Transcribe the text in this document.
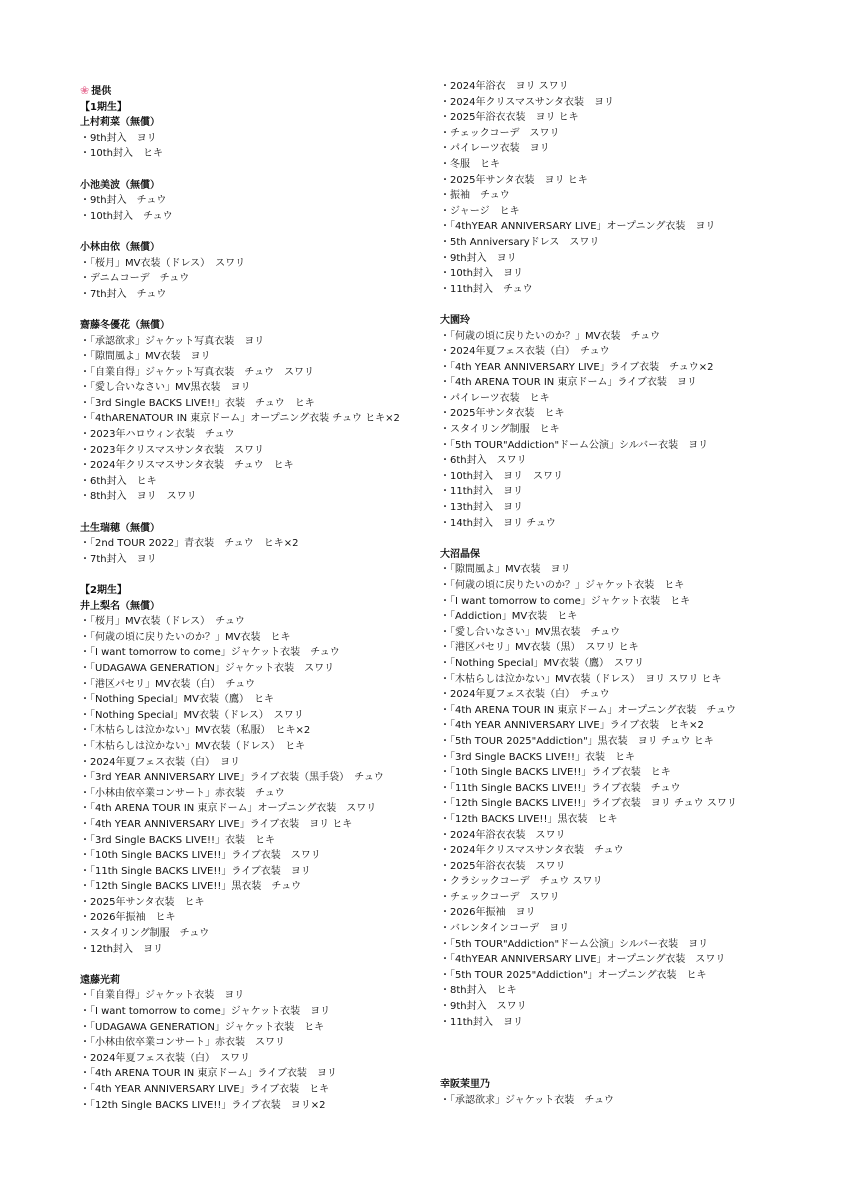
❀ 提供

【1期生】

上村莉菜（無償）

・ 9th封入　ヨリ

・ 10th封入　ヒキ

小池美波（無償）

・ 9th封入　チュウ

・ 10th封入　チュウ

小林由依（無償）

・ 「桜月」MV衣装（ドレス）　スワリ

・ デニムコーデ　チュウ

・ 7th封入　チュウ

齋藤冬優花（無償）

・ 「承認欲求」ジャケット写真衣装　ヨリ

・ 「隙間風よ」MV衣装　ヨリ

・ 「自業自得」ジャケット写真衣装　チュウ　スワリ

・ 「愛し合いなさい」MV黒衣装　ヨリ

・ 「3rd Single BACKS LIVE!!」衣装　チュウ　ヒキ

・ 「4thARENATOUR IN 東京ドーム」オープニング衣装 チュウ ヒキ×2

・ 2023年ハロウィン衣装　チュウ

・ 2023年クリスマスサンタ衣装　スワリ

・ 2024年クリスマスサンタ衣装　チュウ　ヒキ

・ 6th封入　ヒキ

・ 8th封入　ヨリ　スワリ

土生瑞穂（無償）

・ 「2nd TOUR 2022」青衣装　チュウ　ヒキ×2

・ 7th封入　ヨリ

【2期生】

井上梨名（無償）

・ 「桜月」MV衣装（ドレス）　チュウ

・ 「何歳の頃に戻りたいのか？」MV衣装　ヒキ

・ 「I want tomorrow to come」ジャケット衣装　チュウ

・ 「UDAGAWA GENERATION」ジャケット衣装　スワリ

・ 「港区パセリ」MV衣装（白）　チュウ

・ 「Nothing Special」MV衣装（鷹）　ヒキ

・ 「Nothing Special」MV衣装（ドレス）　スワリ

・ 「木枯らしは泣かない」MV衣装（私服）　ヒキ×2

・ 「木枯らしは泣かない」MV衣装（ドレス）　ヒキ

・ 2024年夏フェス衣装（白）　ヨリ

・ 「3rd YEAR ANNIVERSARY LIVE」ライブ衣装（黒手袋）　チュウ

・ 「小林由依卒業コンサート」赤衣装　チュウ

・ 「4th ARENA TOUR IN 東京ドーム」オープニング衣装　スワリ

・ 「4th YEAR ANNIVERSARY LIVE」ライブ衣装　ヨリ ヒキ

・ 「3rd Single BACKS LIVE!!」衣装　ヒキ

・ 「10th Single BACKS LIVE!!」ライブ衣装　スワリ

・ 「11th Single BACKS LIVE!!」ライブ衣装　ヨリ

・ 「12th Single BACKS LIVE!!」黒衣装　チュウ

・ 2025年サンタ衣装　ヒキ

・ 2026年振袖　ヒキ

・ スタイリング制服　チュウ

・ 12th封入　ヨリ

遠藤光莉

・ 「自業自得」ジャケット衣装　ヨリ

・ 「I want tomorrow to come」ジャケット衣装　ヨリ

・ 「UDAGAWA GENERATION」ジャケット衣装　ヒキ

・ 「小林由依卒業コンサート」赤衣装　スワリ

・ 2024年夏フェス衣装（白）　スワリ

・ 「4th ARENA TOUR IN 東京ドーム」ライブ衣装　ヨリ

・ 「4th YEAR ANNIVERSARY LIVE」ライブ衣装　ヒキ

・ 「12th Single BACKS LIVE!!」ライブ衣装　ヨリ×2

・ 2024年浴衣　ヨリ スワリ

・ 2024年クリスマスサンタ衣装　ヨリ

・ 2025年浴衣衣装　ヨリ ヒキ

・ チェックコーデ　スワリ

・ パイレーツ衣装　ヨリ

・ 冬服　ヒキ

・ 2025年サンタ衣装　ヨリ ヒキ

・ 振袖　チュウ

・ ジャージ　ヒキ

・ 「4thYEAR ANNIVERSARY LIVE」オープニング衣装　ヨリ

・ 5th Anniversaryドレス　スワリ

・ 9th封入　ヨリ

・ 10th封入　ヨリ

・ 11th封入　チュウ

大園玲

・ 「何歳の頃に戻りたいのか？」MV衣装　チュウ

・ 2024年夏フェス衣装（白）　チュウ

・ 「4th YEAR ANNIVERSARY LIVE」ライブ衣装　チュウ×2

・ 「4th ARENA TOUR IN 東京ドーム」ライブ衣装　ヨリ

・ パイレーツ衣装　ヒキ

・ 2025年サンタ衣装　ヒキ

・ スタイリング制服　ヒキ

・ 「5th TOUR"Addiction"ドーム公演」シルバー衣装　ヨリ

・ 6th封入　スワリ

・ 10th封入　ヨリ　スワリ

・ 11th封入　ヨリ

・ 13th封入　ヨリ

・ 14th封入　ヨリ チュウ

大沼晶保

・ 「隙間風よ」MV衣装　ヨリ

・ 「何歳の頃に戻りたいのか？」ジャケット衣装　ヒキ

・ 「I want tomorrow to come」ジャケット衣装　ヒキ

・ 「Addiction」MV衣装　ヒキ

・ 「愛し合いなさい」MV黒衣装　チュウ

・ 「港区パセリ」MV衣装（黒）　スワリ ヒキ

・ 「Nothing Special」MV衣装（鷹）　スワリ

・ 「木枯らしは泣かない」MV衣装（ドレス）　ヨリ スワリ ヒキ

・ 2024年夏フェス衣装（白）　チュウ

・ 「4th ARENA TOUR IN 東京ドーム」オープニング衣装　チュウ

・ 「4th YEAR ANNIVERSARY LIVE」ライブ衣装　ヒキ×2

・ 「5th TOUR 2025"Addiction"」黒衣装　ヨリ チュウ ヒキ

・ 「3rd Single BACKS LIVE!!」衣装　ヒキ

・ 「10th Single BACKS LIVE!!」ライブ衣装　ヒキ

・ 「11th Single BACKS LIVE!!」ライブ衣装　チュウ

・ 「12th Single BACKS LIVE!!」ライブ衣装　ヨリ チュウ スワリ

・ 「12th BACKS LIVE!!」黒衣装　ヒキ

・ 2024年浴衣衣装　スワリ

・ 2024年クリスマスサンタ衣装　チュウ

・ 2025年浴衣衣装　スワリ

・ クラシックコーデ　チュウ スワリ

・ チェックコーデ　スワリ

・ 2026年振袖　ヨリ

・ バレンタインコーデ　ヨリ

・ 「5th TOUR"Addiction"ドーム公演」シルバー衣装　ヨリ

・ 「4thYEAR ANNIVERSARY LIVE」オープニング衣装　スワリ

・ 「5th TOUR 2025"Addiction"」オープニング衣装　ヒキ

・ 8th封入　ヒキ

・ 9th封入　スワリ

・ 11th封入　ヨリ

幸阪茉里乃

・ 「承認欲求」ジャケット衣装　チュウ
